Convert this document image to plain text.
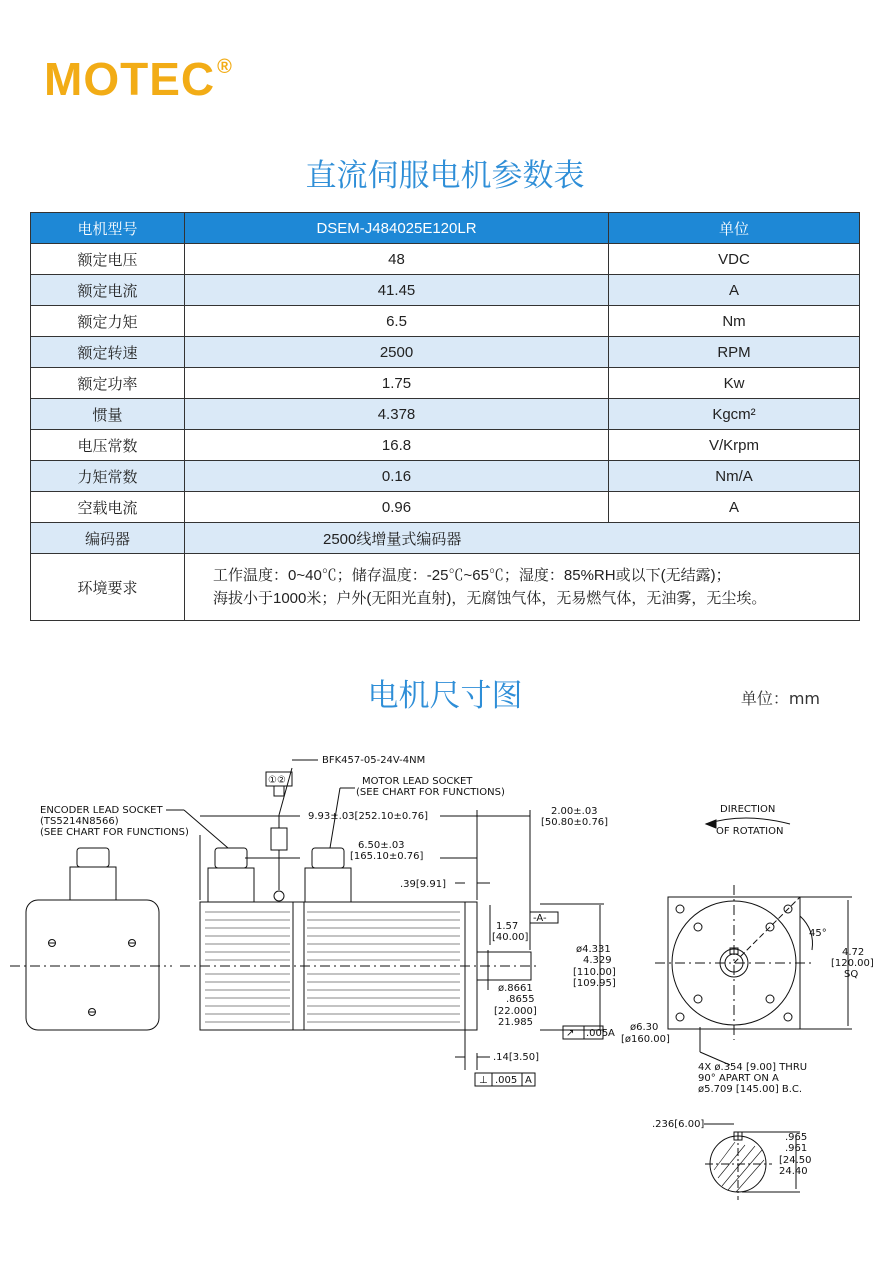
MOTEC ®
直流伺服电机参数表
电机型号	DSEM-J484025E120LR	单位
额定电压	48	VDC
额定电流	41.45	A
额定力矩	6.5	Nm
额定转速	2500	RPM
额定功率	1.75	Kw
惯量	4.378	Kgcm²
电压常数	16.8	V/Krpm
力矩常数	0.16	Nm/A
空载电流	0.96	A
编码器	2500线增量式编码器	
环境要求	工作温度：0~40℃；储存温度：-25℃~65℃；湿度：85%RH或以下(无结露)；
海拔小于1000米；户外(无阳光直射)，无腐蚀气体，无易燃气体，无油雾，无尘埃。	
电机尺寸图	单位：mm
BFK457-05-24V-4NM
①②	MOTOR LEAD SOCKET
(SEE CHART FOR FUNCTIONS)
ENCODER LEAD SOCKET
(TS5214N8566)
(SEE CHART FOR FUNCTIONS)
9.93±.03[252.10±0.76]	2.00±.03
[50.80±0.76]
6.50±.03
[165.10±0.76]
.39[9.91]
1.57
[40.00]
-A-
ø4.331
4.329
[110.00]
[109.95]
ø.8661
.8655
[22.000]
21.985
↗ .005 A
.14[3.50]
⊥ .005 A
DIRECTION
OF ROTATION
45°
4.72
[120.00]
SQ
ø6.30
[ø160.00]
4X ø.354 [9.00] THRU
90° APART ON A
ø5.709 [145.00] B.C.
.236[6.00]
.965
.961
[24.50
24.40
